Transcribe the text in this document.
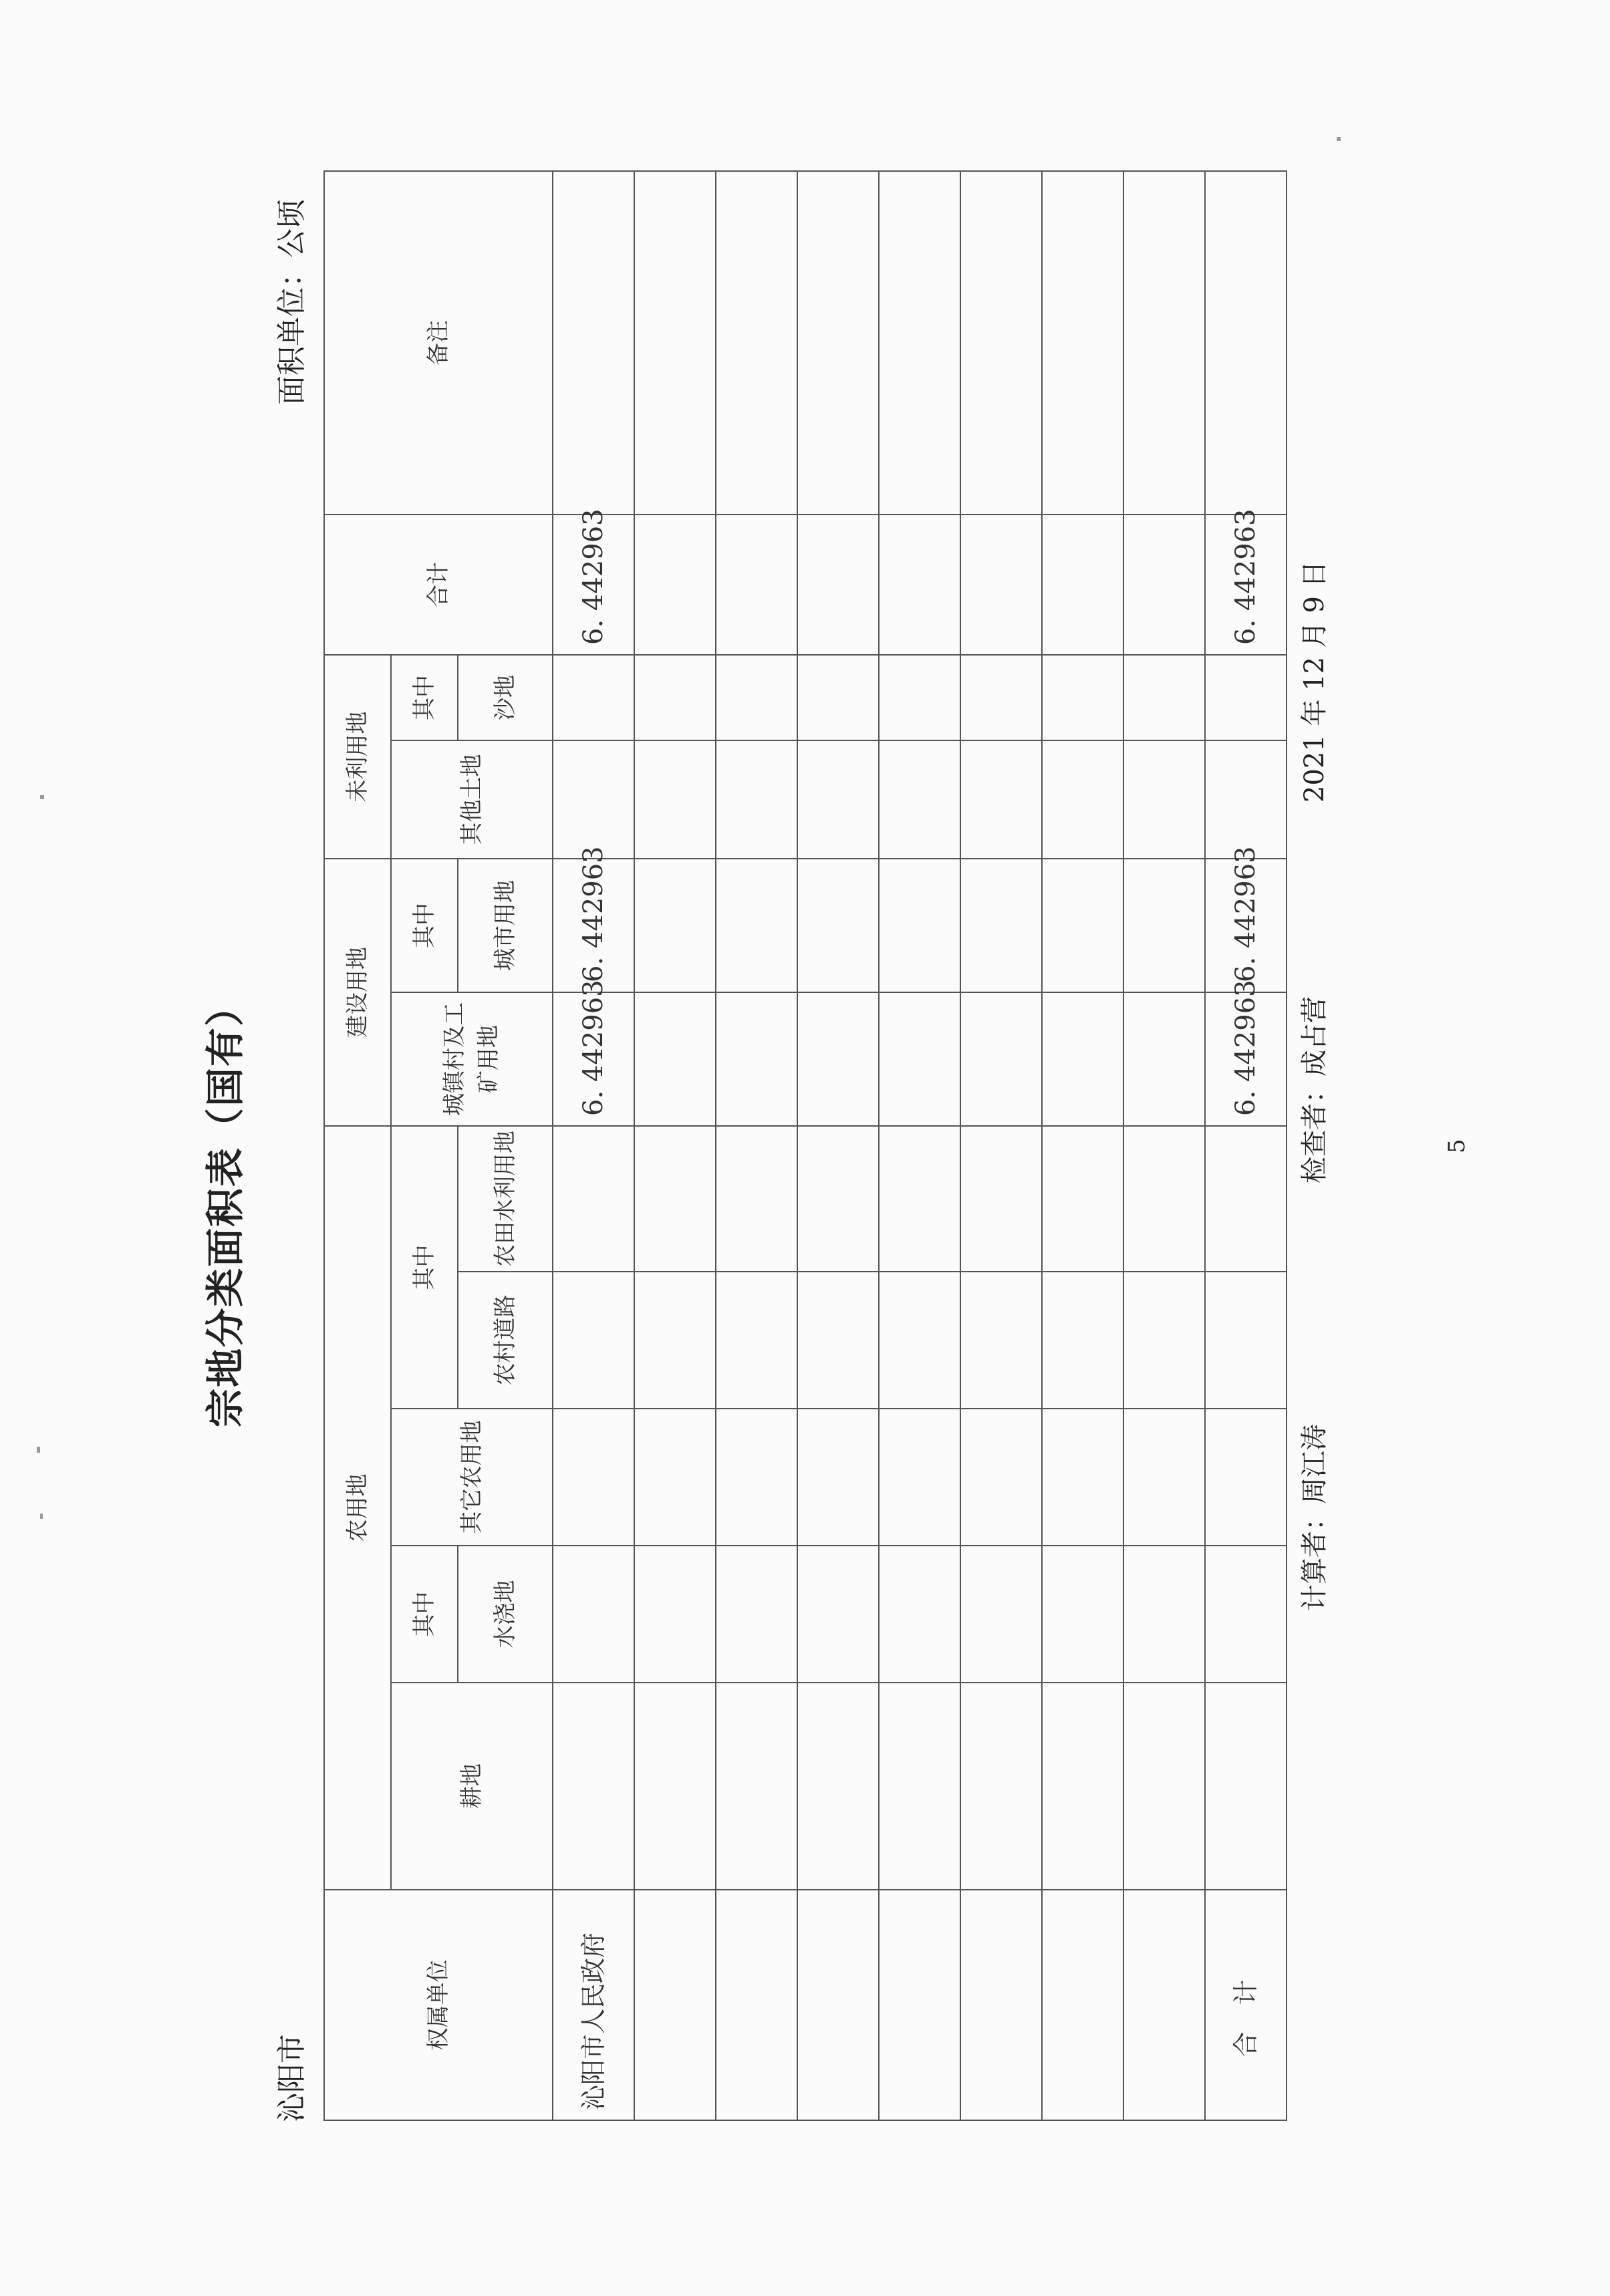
宗地分类面积表（国有）
沁阳市
面积单位：公顷
权属单位	农用地					建设用地		未利用地		合计	备注
	耕地	其中	其它农用地	其中		城镇村及工矿用地	其中	其他土地	其中		
		水浇地		农村道路	农田水利用地		城市用地		沙地		
沁阳市人民政府						6. 442963	6. 442963			6. 442963	

合计						6. 442963	6. 442963			6. 442963	
计算者：周江涛
检查者：成占营
2021 年 12 月 9 日
5
